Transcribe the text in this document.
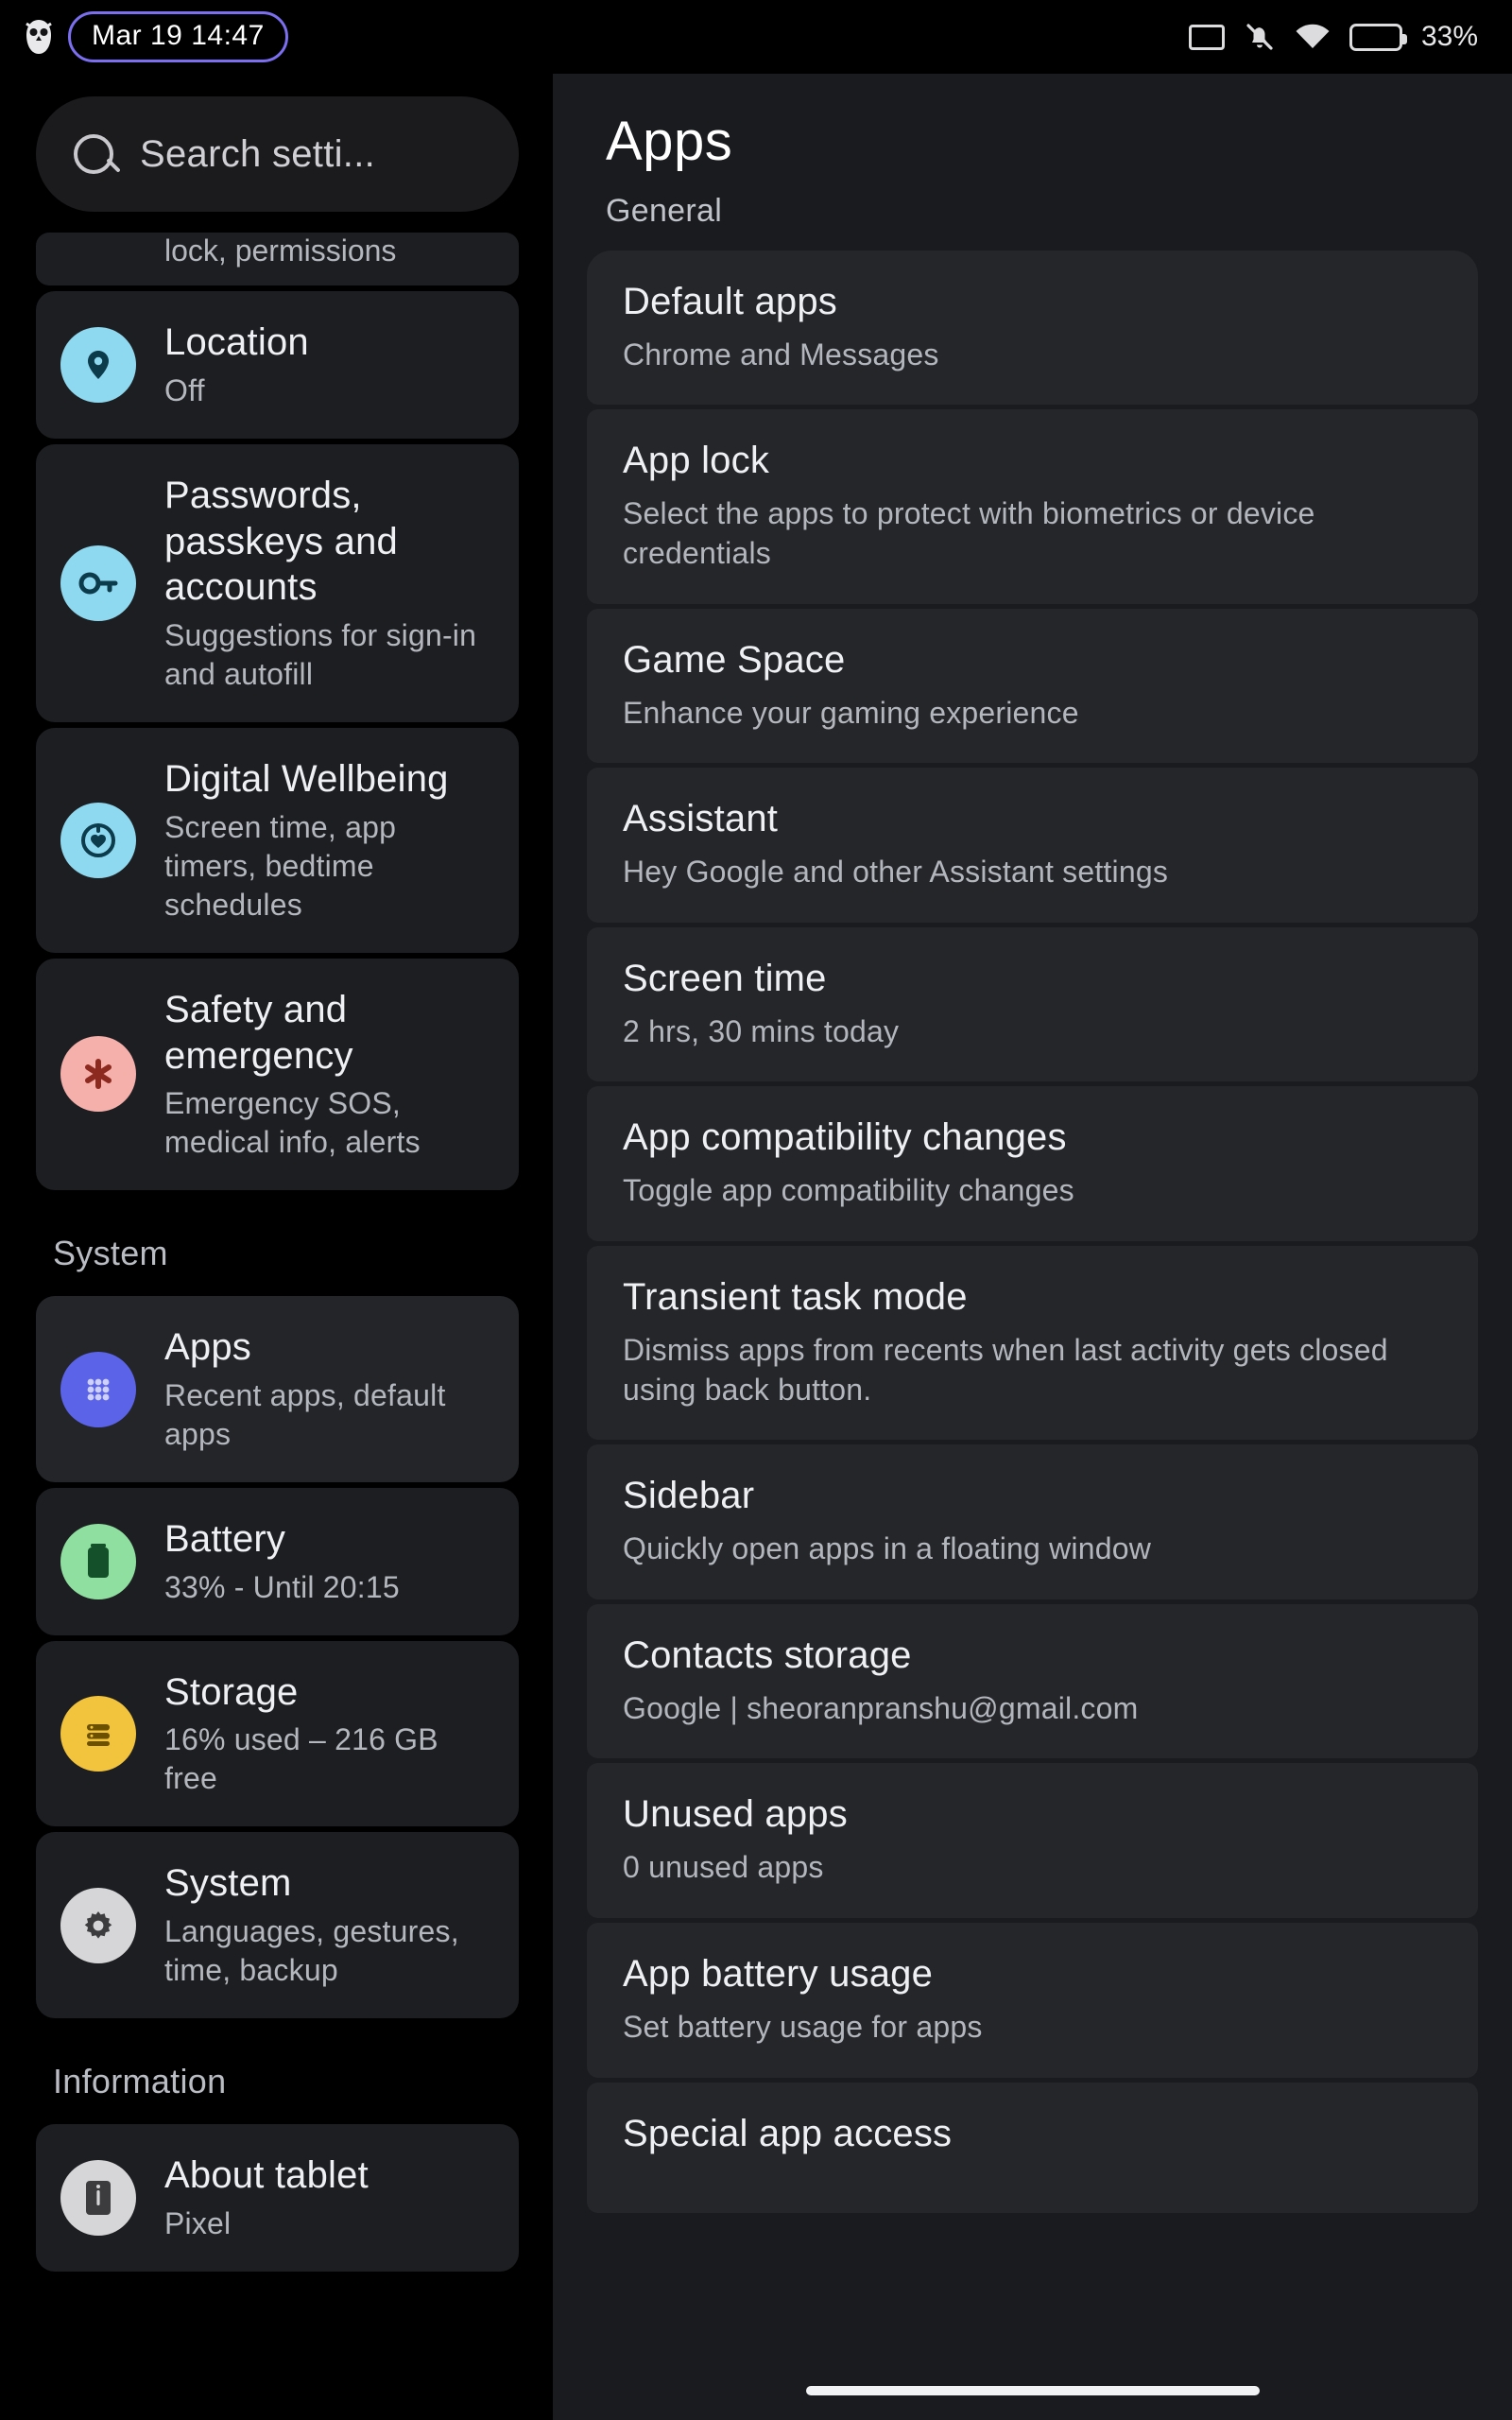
Mar 19 14:47	33%
Search setti...
lock, permissions
Location
Off
Passwords, passkeys and accounts
Suggestions for sign-in and autofill
Digital Wellbeing
Screen time, app timers, bedtime schedules
Safety and emergency
Emergency SOS, medical info, alerts
System
Apps
Recent apps, default apps
Battery
33% - Until 20:15
Storage
16% used – 216 GB free
System
Languages, gestures, time, backup
Information
About tablet
Pixel
Apps
General
Default apps
Chrome and Messages
App lock
Select the apps to protect with biometrics or device credentials
Game Space
Enhance your gaming experience
Assistant
Hey Google and other Assistant settings
Screen time
2 hrs, 30 mins today
App compatibility changes
Toggle app compatibility changes
Transient task mode
Dismiss apps from recents when last activity gets closed using back button.
Sidebar
Quickly open apps in a floating window
Contacts storage
Google | sheoranpranshu@gmail.com
Unused apps
0 unused apps
App battery usage
Set battery usage for apps
Special app access
